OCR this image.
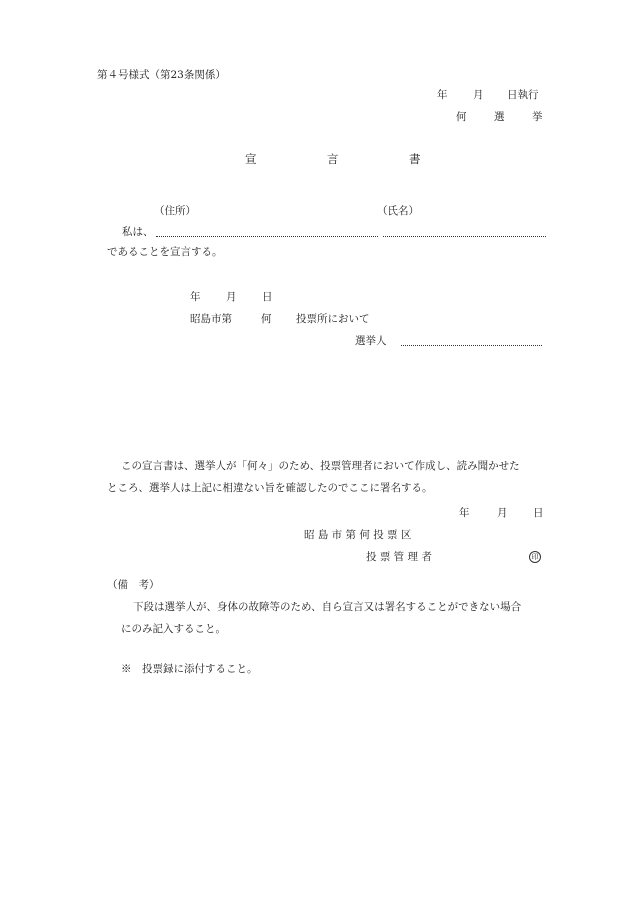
第４号様式（第23条関係）
年 月 日執行
何	選	挙
宣	言	書
（住所）	（氏名）
私は、
であることを宣言する。
年 月 日
昭島市第	何 投票所において
選挙人
この宣言書は、選挙人が「何々」のため、投票管理者において作成し、読み聞かせた
ところ、選挙人は上記に相違ない旨を確認したのでここに署名する。
年	月 日
昭 島 市 第 何 投 票 区
投 票 管 理 者	印
（備　考）
下段は選挙人が、身体の故障等のため、自ら宣言又は署名することができない場合
にのみ記入すること。
※　投票録に添付すること。
